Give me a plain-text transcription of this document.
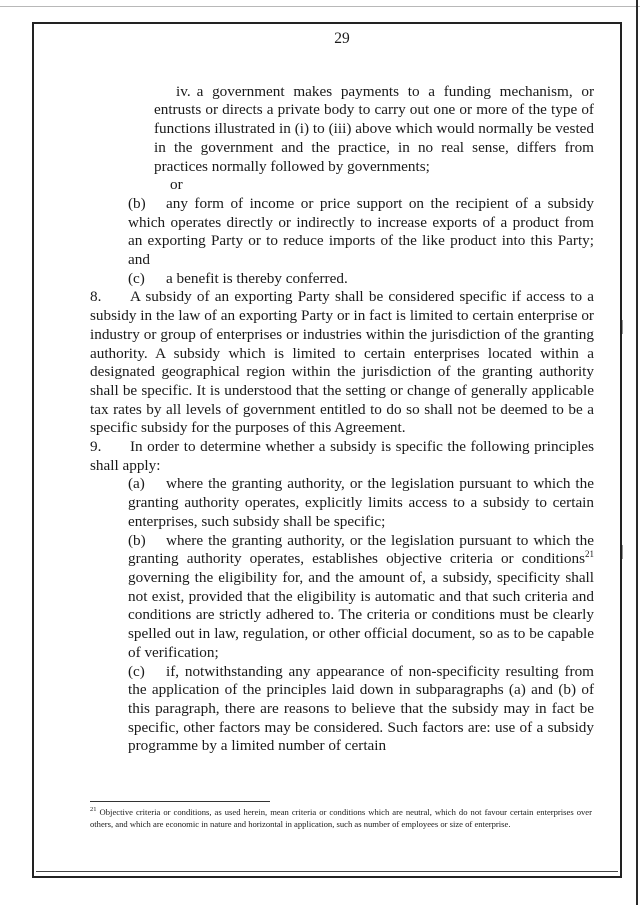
29

iv. a government makes payments to a funding mechanism, or entrusts or directs a private body to carry out one or more of the type of functions illustrated in (i) to (iii) above which would normally be vested in the government and the practice, in no real sense, differs from practices normally followed by governments;

or

(b) any form of income or price support on the recipient of a subsidy which operates directly or indirectly to increase exports of a product from an exporting Party or to reduce imports of the like product into this Party; and

(c) a benefit is thereby conferred.

8. A subsidy of an exporting Party shall be considered specific if access to a subsidy in the law of an exporting Party or in fact is limited to certain enterprise or industry or group of enterprises or industries within the jurisdiction of the granting authority. A subsidy which is limited to certain enterprises located within a designated geographical region within the jurisdiction of the granting authority shall be specific. It is understood that the setting or change of generally applicable tax rates by all levels of government entitled to do so shall not be deemed to be a specific subsidy for the purposes of this Agreement.

9. In order to determine whether a subsidy is specific the following principles shall apply:

(a) where the granting authority, or the legislation pursuant to which the granting authority operates, explicitly limits access to a subsidy to certain enterprises, such subsidy shall be specific;

(b) where the granting authority, or the legislation pursuant to which the granting authority operates, establishes objective criteria or conditions$^{21}$ governing the eligibility for, and the amount of, a subsidy, specificity shall not exist, provided that the eligibility is automatic and that such criteria and conditions are strictly adhered to. The criteria or conditions must be clearly spelled out in law, regulation, or other official document, so as to be capable of verification;

(c) if, notwithstanding any appearance of non-specificity resulting from the application of the principles laid down in subparagraphs (a) and (b) of this paragraph, there are reasons to believe that the subsidy may in fact be specific, other factors may be considered. Such factors are: use of a subsidy programme by a limited number of certain

$^{21}$ Objective criteria or conditions, as used herein, mean criteria or conditions which are neutral, which do not favour certain enterprises over others, and which are economic in nature and horizontal in application, such as number of employees or size of enterprise.
